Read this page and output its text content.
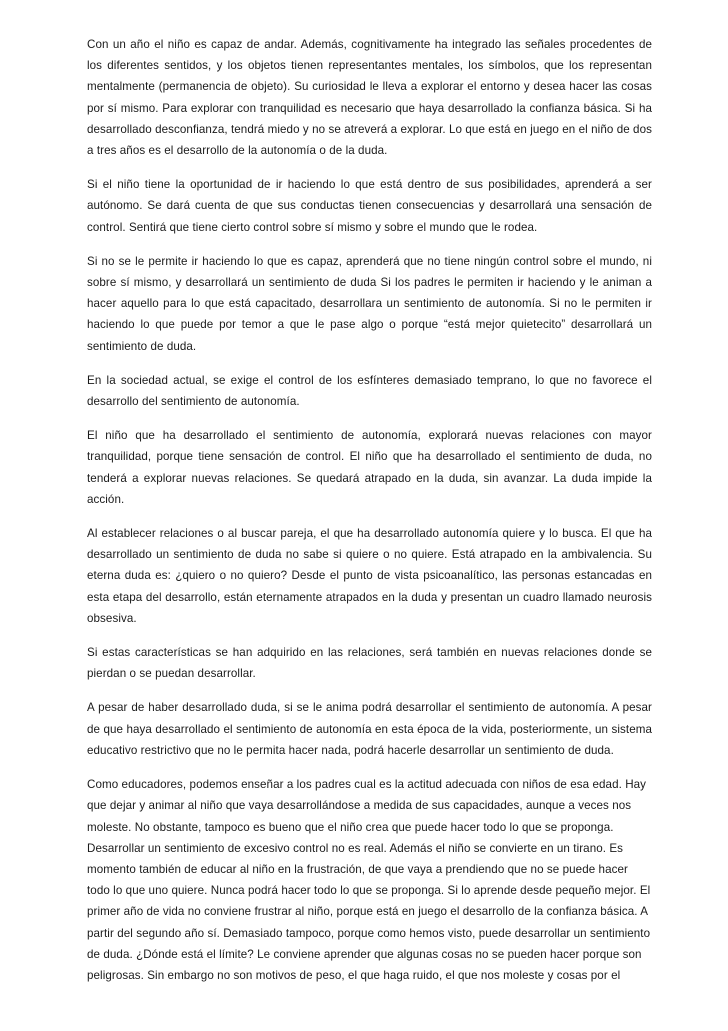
Con un año el niño es capaz de andar. Además, cognitivamente ha integrado las señales procedentes de los diferentes sentidos, y los objetos tienen representantes mentales, los símbolos, que los representan mentalmente (permanencia de objeto). Su curiosidad le lleva a explorar el entorno y desea hacer las cosas por sí mismo. Para explorar con tranquilidad es necesario que haya desarrollado la confianza básica. Si ha desarrollado desconfianza, tendrá miedo y no se atreverá a explorar. Lo que está en juego en el niño de dos a tres años es el desarrollo de la autonomía o de la duda.

Si el niño tiene la oportunidad de ir haciendo lo que está dentro de sus posibilidades, aprenderá a ser autónomo. Se dará cuenta de que sus conductas tienen consecuencias y desarrollará una sensación de control. Sentirá que tiene cierto control sobre sí mismo y sobre el mundo que le rodea.

Si no se le permite ir haciendo lo que es capaz, aprenderá que no tiene ningún control sobre el mundo, ni sobre sí mismo, y desarrollará un sentimiento de duda Si los padres le permiten ir haciendo y le animan a hacer aquello para lo que está capacitado, desarrollara un sentimiento de autonomía. Si no le permiten ir haciendo lo que puede por temor a que le pase algo o porque “está mejor quietecito” desarrollará un sentimiento de duda.

En la sociedad actual, se exige el control de los esfínteres demasiado temprano, lo que no favorece el desarrollo del sentimiento de autonomía.

El niño que ha desarrollado el sentimiento de autonomía, explorará nuevas relaciones con mayor tranquilidad, porque tiene sensación de control. El niño que ha desarrollado el sentimiento de duda, no tenderá a explorar nuevas relaciones. Se quedará atrapado en la duda, sin avanzar. La duda impide la acción.

Al establecer relaciones o al buscar pareja, el que ha desarrollado autonomía quiere y lo busca. El que ha desarrollado un sentimiento de duda no sabe si quiere o no quiere. Está atrapado en la ambivalencia. Su eterna duda es: ¿quiero o no quiero? Desde el punto de vista psicoanalítico, las personas estancadas en esta etapa del desarrollo, están eternamente atrapados en la duda y presentan un cuadro llamado neurosis obsesiva.

Si estas características se han adquirido en las relaciones, será también en nuevas relaciones donde se pierdan o se puedan desarrollar.

A pesar de haber desarrollado duda, si se le anima podrá desarrollar el sentimiento de autonomía. A pesar de que haya desarrollado el sentimiento de autonomía en esta época de la vida, posteriormente, un sistema educativo restrictivo que no le permita hacer nada, podrá hacerle desarrollar un sentimiento de duda.

Como educadores, podemos enseñar a los padres cual es la actitud adecuada con niños de esa edad. Hay que dejar y animar al niño que vaya desarrollándose a medida de sus capacidades, aunque a veces nos moleste. No obstante, tampoco es bueno que el niño crea que puede hacer todo lo que se proponga. Desarrollar un sentimiento de excesivo control no es real. Además el niño se convierte en un tirano. Es momento también de educar al niño en la frustración, de que vaya a prendiendo que no se puede hacer todo lo que uno quiere. Nunca podrá hacer todo lo que se proponga. Si lo aprende desde pequeño mejor. El primer año de vida no conviene frustrar al niño, porque está en juego el desarrollo de la confianza básica. A partir del segundo año sí. Demasiado tampoco, porque como hemos visto, puede desarrollar un sentimiento de duda. ¿Dónde está el límite? Le conviene aprender que algunas cosas no se pueden hacer porque son peligrosas. Sin embargo no son motivos de peso, el que haga ruido, el que nos moleste y cosas por el
